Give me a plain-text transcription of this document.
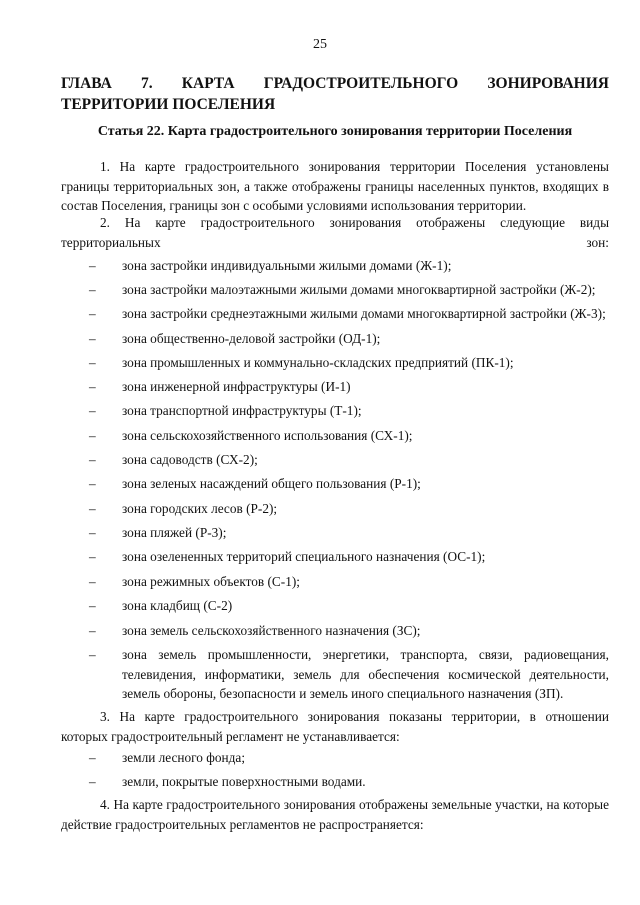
25
ГЛАВА 7. КАРТА ГРАДОСТРОИТЕЛЬНОГО ЗОНИРОВАНИЯ ТЕРРИТОРИИ ПОСЕЛЕНИЯ
Статья 22. Карта градостроительного зонирования территории Поселения
1. На карте градостроительного зонирования территории Поселения установлены границы территориальных зон, а также отображены границы населенных пунктов, входящих в состав Поселения, границы зон с особыми условиями использования территории.
2. На карте градостроительного зонирования отображены следующие виды территориальных зон:
– зона застройки индивидуальными жилыми домами (Ж-1);
– зона застройки малоэтажными жилыми домами многоквартирной застройки (Ж-2);
– зона застройки среднеэтажными жилыми домами многоквартирной застройки (Ж-3);
– зона общественно-деловой застройки (ОД-1);
– зона промышленных и коммунально-складских предприятий (ПК-1);
– зона инженерной инфраструктуры (И-1)
– зона транспортной инфраструктуры (Т-1);
– зона сельскохозяйственного использования (СХ-1);
– зона садоводств (СХ-2);
– зона зеленых насаждений общего пользования (Р-1);
– зона городских лесов (Р-2);
– зона пляжей (Р-3);
– зона озелененных территорий специального назначения (ОС-1);
– зона режимных объектов (С-1);
– зона кладбищ (С-2)
– зона земель сельскохозяйственного назначения (ЗС);
– зона земель промышленности, энергетики, транспорта, связи, радиовещания, телевидения, информатики, земель для обеспечения космической деятельности, земель обороны, безопасности и земель иного специального назначения (ЗП).
3. На карте градостроительного зонирования показаны территории, в отношении которых градостроительный регламент не устанавливается:
– земли лесного фонда;
– земли, покрытые поверхностными водами.
4. На карте градостроительного зонирования отображены земельные участки, на которые действие градостроительных регламентов не распространяется:
